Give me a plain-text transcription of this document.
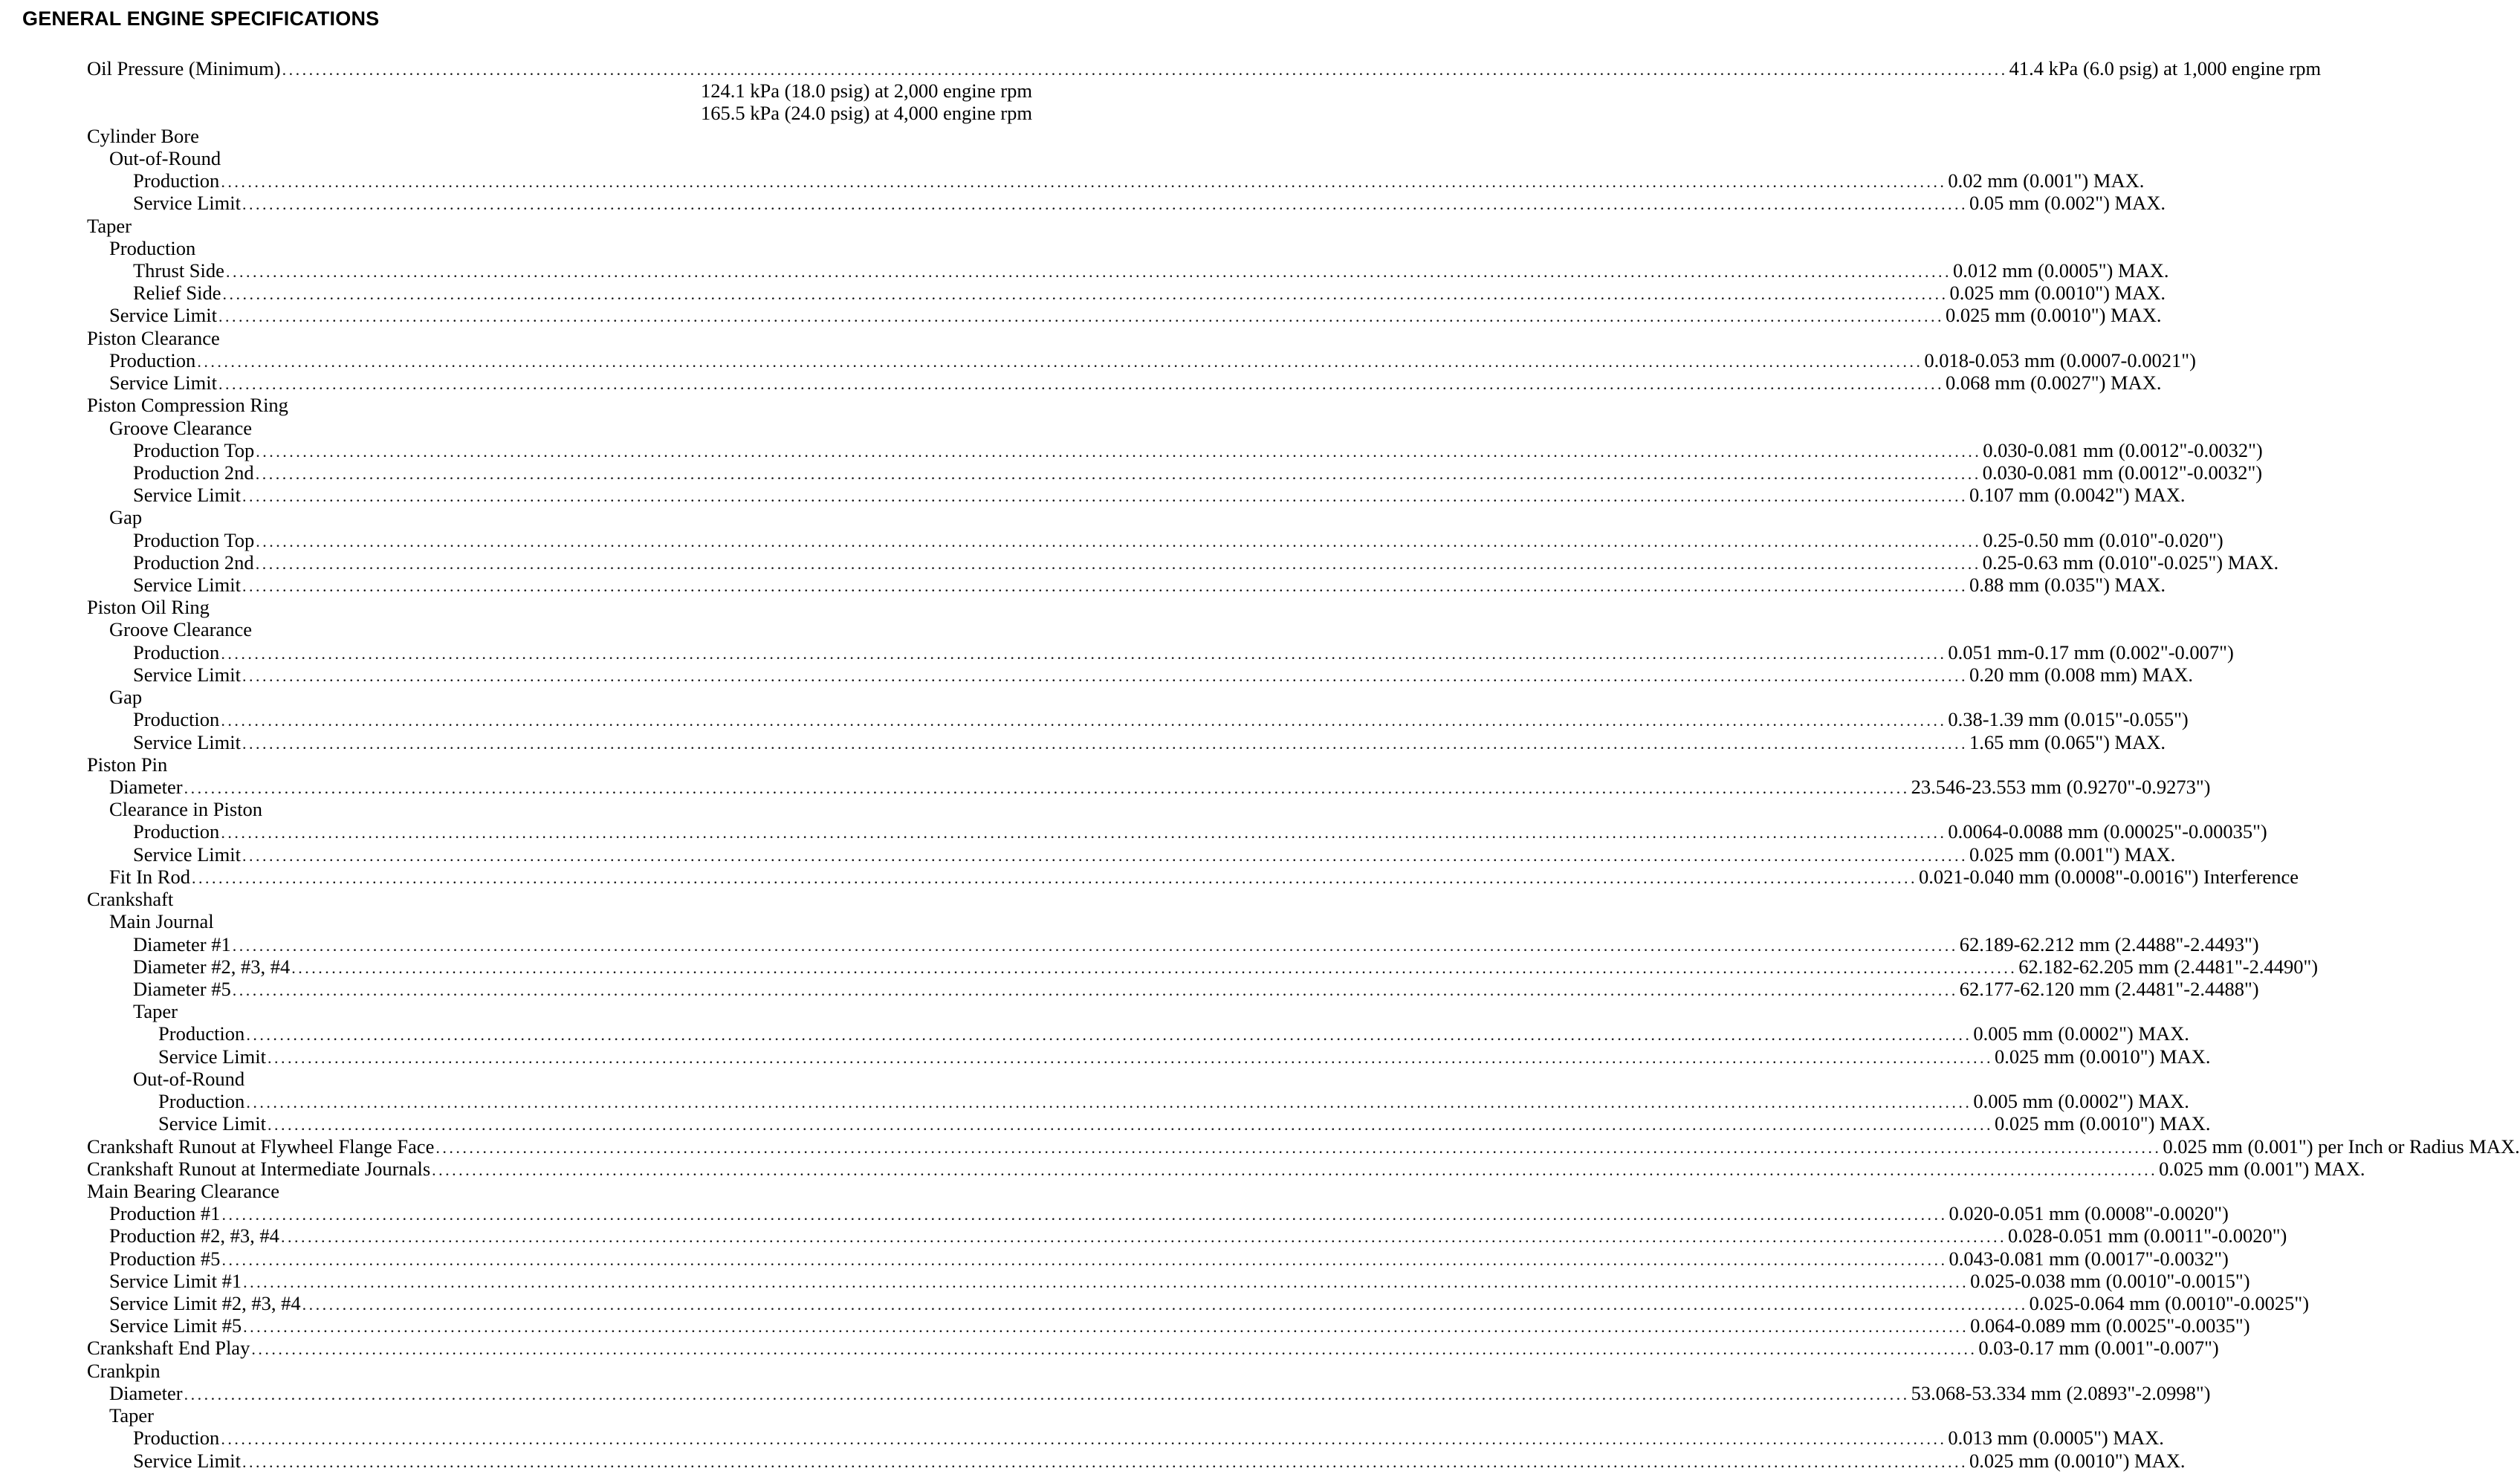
GENERAL ENGINE SPECIFICATIONS
Oil Pressure (Minimum) .....	41.4 kPa (6.0 psig) at 1,000 engine rpm
124.1 kPa (18.0 psig) at 2,000 engine rpm
165.5 kPa (24.0 psig) at 4,000 engine rpm
Cylinder Bore
Out-of-Round
Production .....	0.02 mm (0.001") MAX.
Service Limit .....	0.05 mm (0.002") MAX.
Taper
Production
Thrust Side .....	0.012 mm (0.0005") MAX.
Relief Side .....	0.025 mm (0.0010") MAX.
Service Limit .....	0.025 mm (0.0010") MAX.
Piston Clearance
Production .....	0.018-0.053 mm (0.0007-0.0021")
Service Limit .....	0.068 mm (0.0027") MAX.
Piston Compression Ring
Groove Clearance
Production Top .....	0.030-0.081 mm (0.0012"-0.0032")
Production 2nd .....	0.030-0.081 mm (0.0012"-0.0032")
Service Limit .....	0.107 mm (0.0042") MAX.
Gap
Production Top .....	0.25-0.50 mm (0.010"-0.020")
Production 2nd .....	0.25-0.63 mm (0.010"-0.025") MAX.
Service Limit .....	0.88 mm (0.035") MAX.
Piston Oil Ring
Groove Clearance
Production .....	0.051 mm-0.17 mm (0.002"-0.007")
Service Limit .....	0.20 mm (0.008 mm) MAX.
Gap
Production .....	0.38-1.39 mm (0.015"-0.055")
Service Limit .....	1.65 mm (0.065") MAX.
Piston Pin
Diameter .....	23.546-23.553 mm (0.9270"-0.9273")
Clearance in Piston
Production .....	0.0064-0.0088 mm (0.00025"-0.00035")
Service Limit .....	0.025 mm (0.001") MAX.
Fit In Rod .....	0.021-0.040 mm (0.0008"-0.0016") Interference
Crankshaft
Main Journal
Diameter #1 .....	62.189-62.212 mm (2.4488"-2.4493")
Diameter #2, #3, #4 .....	62.182-62.205 mm (2.4481"-2.4490")
Diameter #5 .....	62.177-62.120 mm (2.4481"-2.4488")
Taper
Production .....	0.005 mm (0.0002") MAX.
Service Limit .....	0.025 mm (0.0010") MAX.
Out-of-Round
Production .....	0.005 mm (0.0002") MAX.
Service Limit .....	0.025 mm (0.0010") MAX.
Crankshaft Runout at Flywheel Flange Face .....	0.025 mm (0.001") per Inch or Radius MAX.
Crankshaft Runout at Intermediate Journals .....	0.025 mm (0.001") MAX.
Main Bearing Clearance
Production #1 .....	0.020-0.051 mm (0.0008"-0.0020")
Production #2, #3, #4 .....	0.028-0.051 mm (0.0011"-0.0020")
Production #5 .....	0.043-0.081 mm (0.0017"-0.0032")
Service Limit #1 .....	0.025-0.038 mm (0.0010"-0.0015")
Service Limit #2, #3, #4 .....	0.025-0.064 mm (0.0010"-0.0025")
Service Limit #5 .....	0.064-0.089 mm (0.0025"-0.0035")
Crankshaft End Play .....	0.03-0.17 mm (0.001"-0.007")
Crankpin
Diameter .....	53.068-53.334 mm (2.0893"-2.0998")
Taper
Production .....	0.013 mm (0.0005") MAX.
Service Limit .....	0.025 mm (0.0010") MAX.
